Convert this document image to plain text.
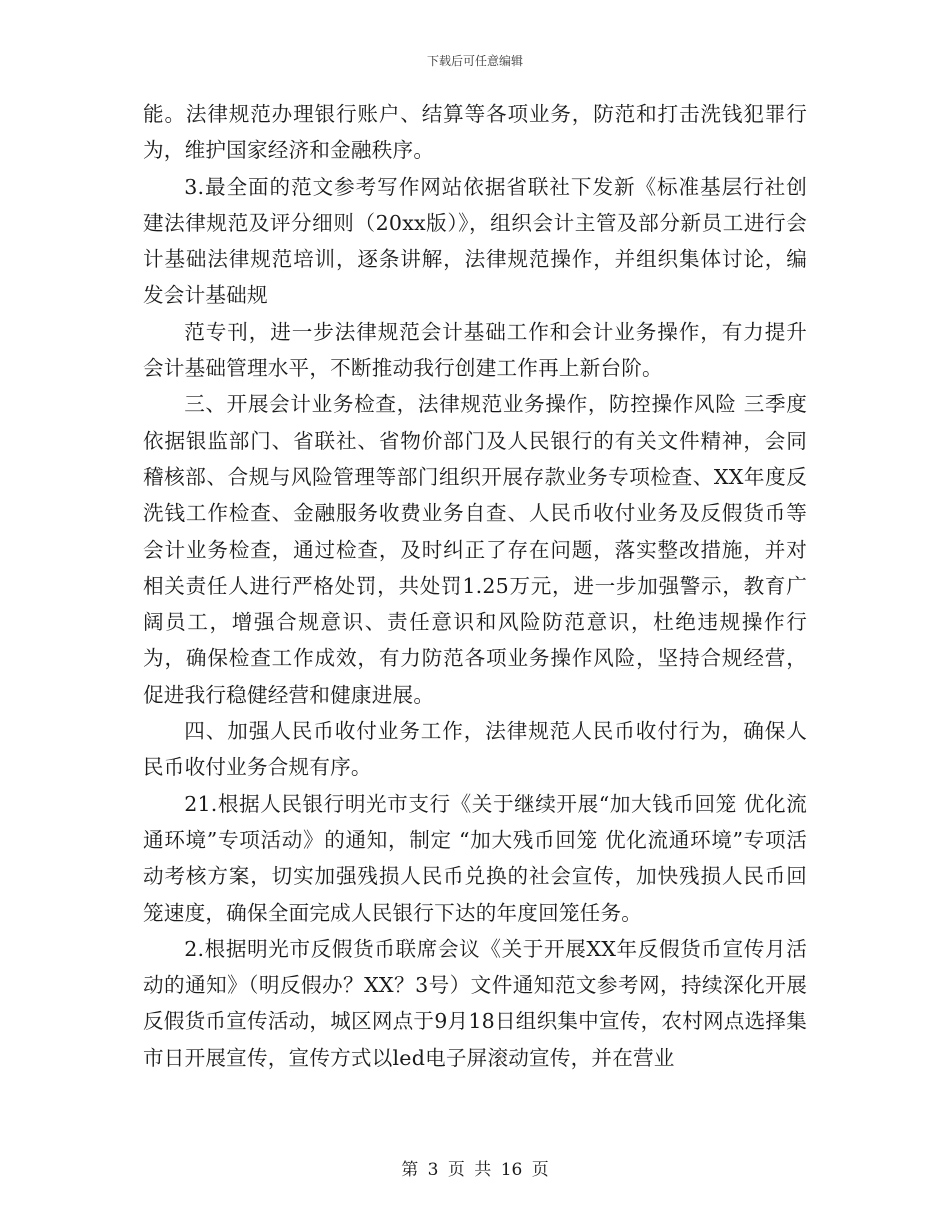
下载后可任意编辑

能。法律规范办理银行账户、结算等各项业务，防范和打击洗钱犯罪行为，维护国家经济和金融秩序。

3.最全面的范文参考写作网站依据省联社下发新《标准基层行社创建法律规范及评分细则（20xx版）》，组织会计主管及部分新员工进行会计基础法律规范培训，逐条讲解，法律规范操作，并组织集体讨论，编发会计基础规

范专刊，进一步法律规范会计基础工作和会计业务操作，有力提升会计基础管理水平，不断推动我行创建工作再上新台阶。

三、开展会计业务检查，法律规范业务操作，防控操作风险 三季度依据银监部门、省联社、省物价部门及人民银行的有关文件精神，会同稽核部、合规与风险管理等部门组织开展存款业务专项检查、XX年度反洗钱工作检查、金融服务收费业务自查、人民币收付业务及反假货币等会计业务检查，通过检查，及时纠正了存在问题，落实整改措施，并对相关责任人进行严格处罚，共处罚1.25万元，进一步加强警示，教育广阔员工，增强合规意识、责任意识和风险防范意识，杜绝违规操作行为，确保检查工作成效，有力防范各项业务操作风险，坚持合规经营，促进我行稳健经营和健康进展。

四、加强人民币收付业务工作，法律规范人民币收付行为，确保人民币收付业务合规有序。

21.根据人民银行明光市支行《关于继续开展“加大钱币回笼 优化流通环境”专项活动》的通知，制定 “加大残币回笼 优化流通环境”专项活动考核方案，切实加强残损人民币兑换的社会宣传，加快残损人民币回笼速度，确保全面完成人民银行下达的年度回笼任务。

2.根据明光市反假货币联席会议《关于开展XX年反假货币宣传月活动的通知》（明反假办？XX？3号）文件通知范文参考网，持续深化开展反假货币宣传活动，城区网点于9月18日组织集中宣传，农村网点选择集市日开展宣传，宣传方式以led电子屏滚动宣传，并在营业

第 3 页 共 16 页
